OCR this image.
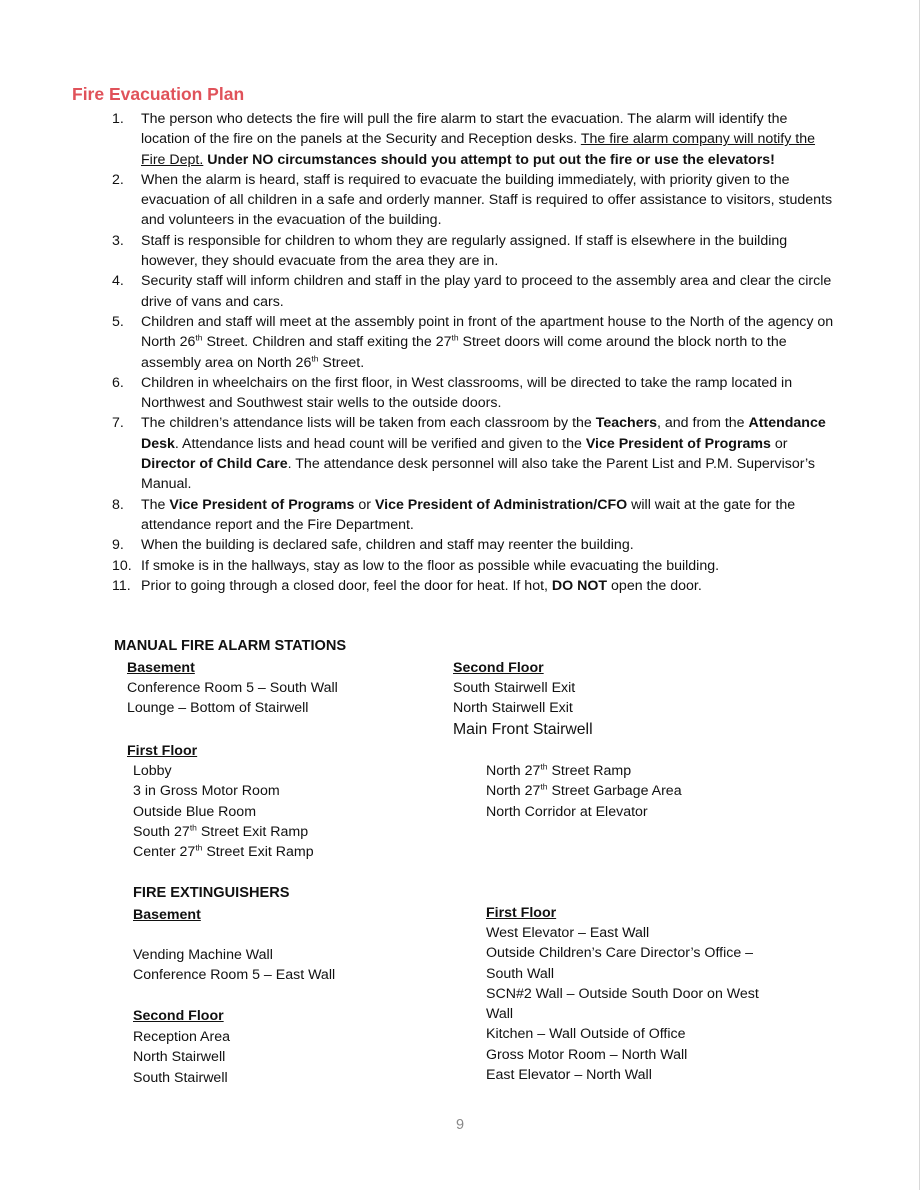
Fire Evacuation Plan
1. The person who detects the fire will pull the fire alarm to start the evacuation. The alarm will identify the location of the fire on the panels at the Security and Reception desks. The fire alarm company will notify the Fire Dept. Under NO circumstances should you attempt to put out the fire or use the elevators!
2. When the alarm is heard, staff is required to evacuate the building immediately, with priority given to the evacuation of all children in a safe and orderly manner. Staff is required to offer assistance to visitors, students and volunteers in the evacuation of the building.
3. Staff is responsible for children to whom they are regularly assigned. If staff is elsewhere in the building however, they should evacuate from the area they are in.
4. Security staff will inform children and staff in the play yard to proceed to the assembly area and clear the circle drive of vans and cars.
5. Children and staff will meet at the assembly point in front of the apartment house to the North of the agency on North 26th Street. Children and staff exiting the 27th Street doors will come around the block north to the assembly area on North 26th Street.
6. Children in wheelchairs on the first floor, in West classrooms, will be directed to take the ramp located in Northwest and Southwest stair wells to the outside doors.
7. The children’s attendance lists will be taken from each classroom by the Teachers, and from the Attendance Desk. Attendance lists and head count will be verified and given to the Vice President of Programs or Director of Child Care. The attendance desk personnel will also take the Parent List and P.M. Supervisor’s Manual.
8. The Vice President of Programs or Vice President of Administration/CFO will wait at the gate for the attendance report and the Fire Department.
9. When the building is declared safe, children and staff may reenter the building.
10. If smoke is in the hallways, stay as low to the floor as possible while evacuating the building.
11. Prior to going through a closed door, feel the door for heat. If hot, DO NOT open the door.
MANUAL FIRE ALARM STATIONS
Basement
Conference Room 5 – South Wall
Lounge – Bottom of Stairwell
Second Floor
South Stairwell Exit
North Stairwell Exit
Main Front Stairwell
First Floor
Lobby
3 in Gross Motor Room
Outside Blue Room
South 27th Street Exit Ramp
Center 27th Street Exit Ramp
North 27th Street Ramp
North 27th Street Garbage Area
North Corridor at Elevator
FIRE EXTINGUISHERS
Basement
Vending Machine Wall
Conference Room 5 – East Wall
Second Floor
Reception Area
North Stairwell
South Stairwell
First Floor
West Elevator – East Wall
Outside Children’s Care Director’s Office – South Wall
SCN#2 Wall – Outside South Door on West Wall
Kitchen – Wall Outside of Office
Gross Motor Room – North Wall
East Elevator – North Wall
9
